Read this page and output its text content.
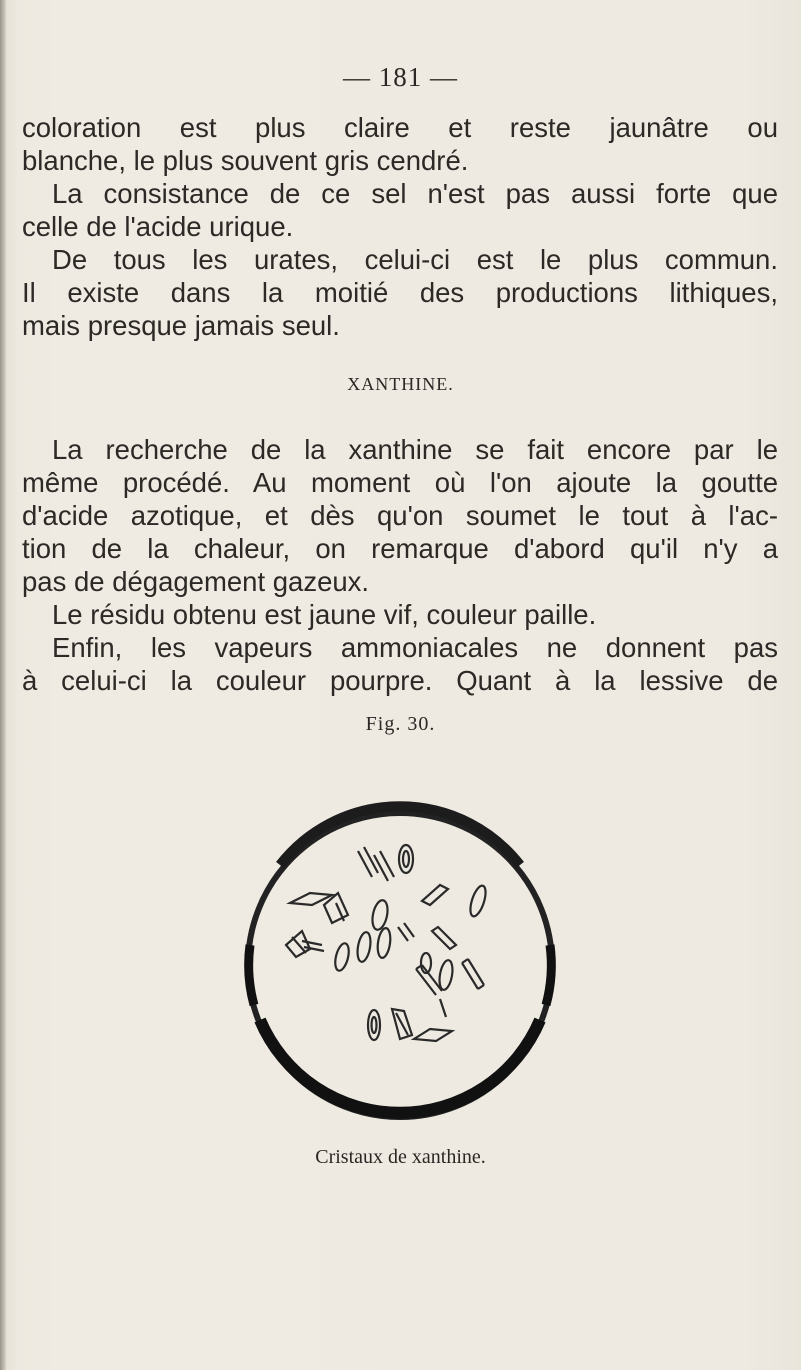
— 181 —
coloration est plus claire et reste jaunâtre ou
blanche, le plus souvent gris cendré.
La consistance de ce sel n'est pas aussi forte que
celle de l'acide urique.
De tous les urates, celui-ci est le plus commun.
Il existe dans la moitié des productions lithiques,
mais presque jamais seul.
XANTHINE.
La recherche de la xanthine se fait encore par le
même procédé. Au moment où l'on ajoute la goutte
d'acide azotique, et dès qu'on soumet le tout à l'ac-
tion de la chaleur, on remarque d'abord qu'il n'y a
pas de dégagement gazeux.
Le résidu obtenu est jaune vif, couleur paille.
Enfin, les vapeurs ammoniacales ne donnent pas
à celui-ci la couleur pourpre. Quant à la lessive de
Fig. 30.
Cristaux de xanthine.
